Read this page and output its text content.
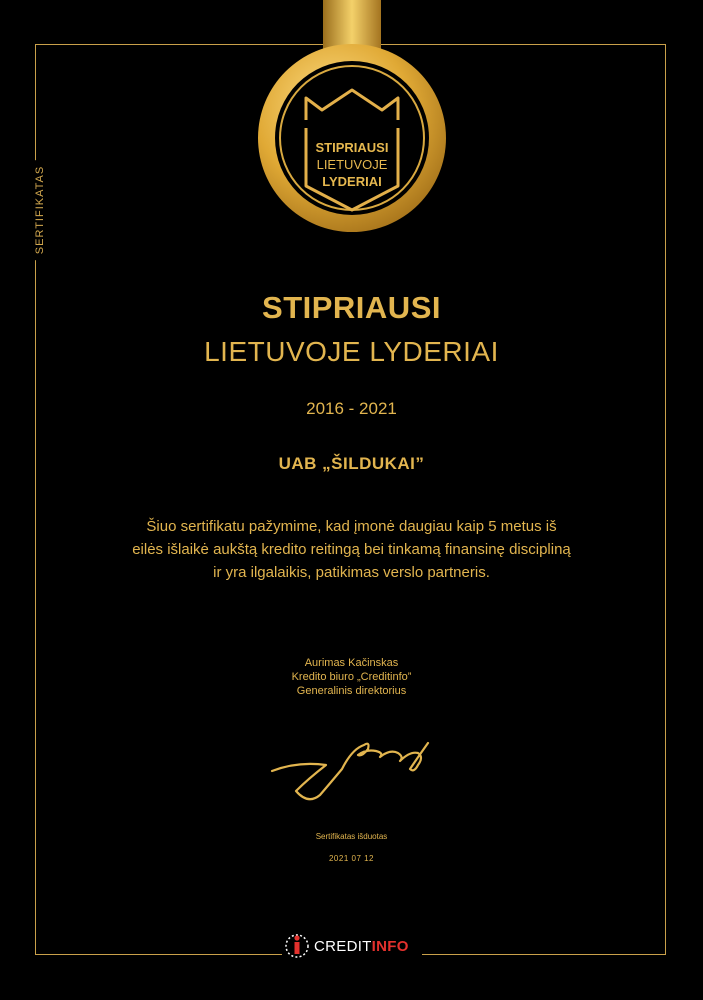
SERTIFIKATAS
STIPRIAUSI
LIETUVOJE
LYDERIAI
STIPRIAUSI
LIETUVOJE LYDERIAI
2016 - 2021
UAB „ŠILDUKAI”
Šiuo sertifikatu pažymime, kad įmonė daugiau kaip 5 metus iš
eilės išlaikė aukštą kredito reitingą bei tinkamą finansinę discipliną
ir yra ilgalaikis, patikimas verslo partneris.
Aurimas Kačinskas
Kredito biuro „Creditinfo”
Generalinis direktorius
Sertifikatas išduotas
2021 07 12
CREDITINFO
